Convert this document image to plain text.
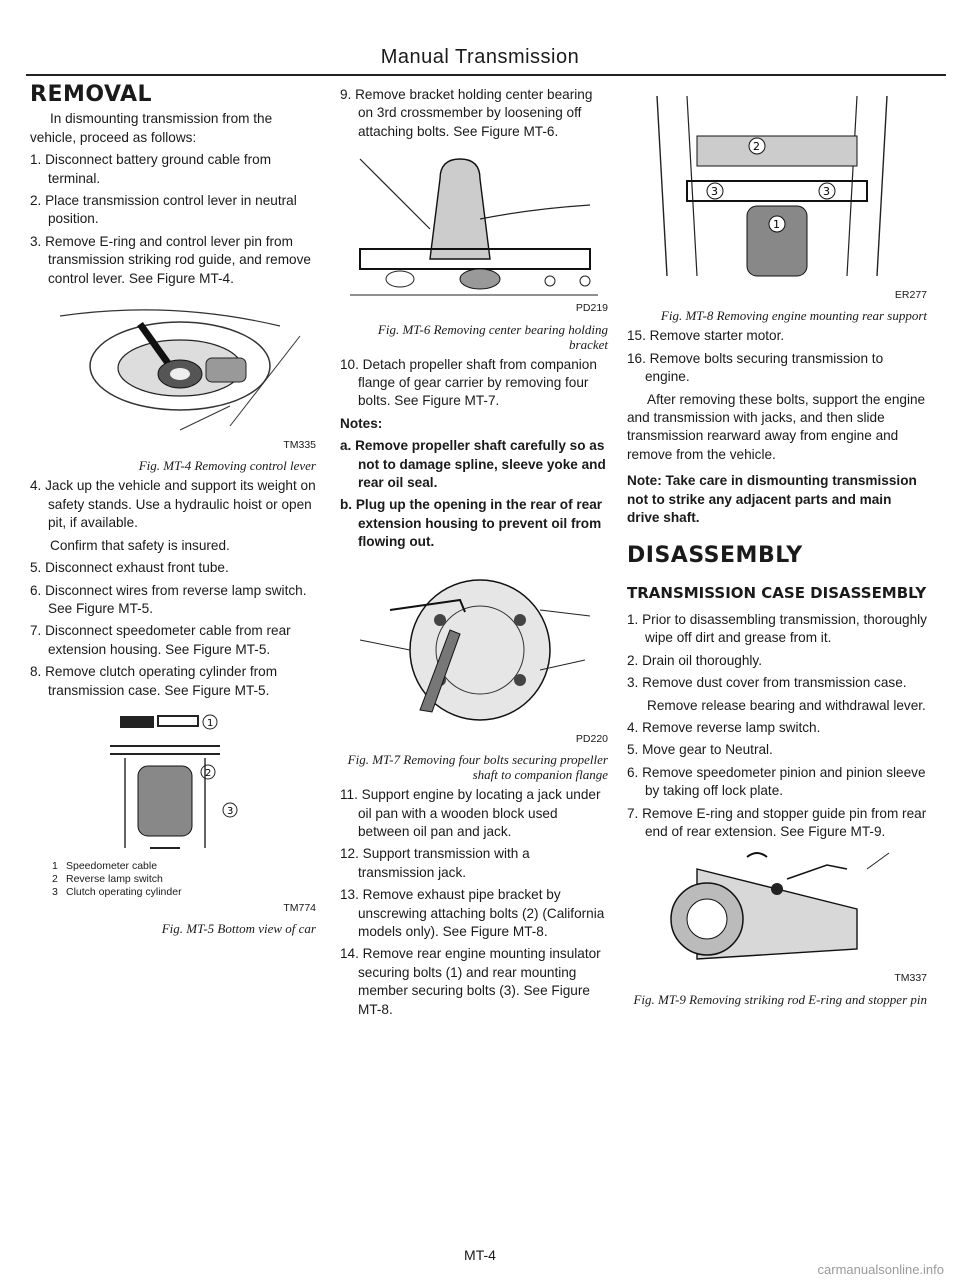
Manual Transmission
REMOVAL

In dismounting transmission from the vehicle, proceed as follows:

1. Disconnect battery ground cable from terminal.

2. Place transmission control lever in neutral position.

3. Remove E-ring and control lever pin from transmission striking rod guide, and remove control lever. See Figure MT-4.

TM335

Fig. MT-4 Removing control lever

4. Jack up the vehicle and support its weight on safety stands. Use a hydraulic hoist or open pit, if available.

Confirm that safety is insured.

5. Disconnect exhaust front tube.

6. Disconnect wires from reverse lamp switch. See Figure MT-5.

7. Disconnect speedometer cable from rear extension housing. See Figure MT-5.

8. Remove clutch operating cylinder from transmission case. See Figure MT-5.

1
2
3
1 Speedometer cable
2 Reverse lamp switch
3 Clutch operating cylinder

TM774

Fig. MT-5 Bottom view of car

9. Remove bracket holding center bearing on 3rd crossmember by loosening off attaching bolts. See Figure MT-6.

PD219

Fig. MT-6 Removing center bearing holding bracket

10. Detach propeller shaft from companion flange of gear carrier by removing four bolts. See Figure MT-7.

Notes:

a. Remove propeller shaft carefully so as not to damage spline, sleeve yoke and rear oil seal.

b. Plug up the opening in the rear of rear extension housing to prevent oil from flowing out.

PD220

Fig. MT-7 Removing four bolts securing propeller shaft to companion flange

11. Support engine by locating a jack under oil pan with a wooden block used between oil pan and jack.

12. Support transmission with a transmission jack.

13. Remove exhaust pipe bracket by unscrewing attaching bolts (2) (California models only). See Figure MT-8.

14. Remove rear engine mounting insulator securing bolts (1) and rear mounting member securing bolts (3). See Figure MT-8.

2
3	3
1

ER277

Fig. MT-8 Removing engine mounting rear support

15. Remove starter motor.

16. Remove bolts securing transmission to engine.

After removing these bolts, support the engine and transmission with jacks, and then slide transmission rearward away from engine and remove from the vehicle.

Note: Take care in dismounting transmission not to strike any adjacent parts and main drive shaft.

DISASSEMBLY
TRANSMISSION CASE DISASSEMBLY

1. Prior to disassembling transmission, thoroughly wipe off dirt and grease from it.

2. Drain oil thoroughly.

3. Remove dust cover from transmission case.

Remove release bearing and withdrawal lever.

4. Remove reverse lamp switch.

5. Move gear to Neutral.

6. Remove speedometer pinion and pinion sleeve by taking off lock plate.

7. Remove E-ring and stopper guide pin from rear end of rear extension. See Figure MT-9.

TM337

Fig. MT-9 Removing striking rod E-ring and stopper pin

MT-4
carmanualsonline.info
